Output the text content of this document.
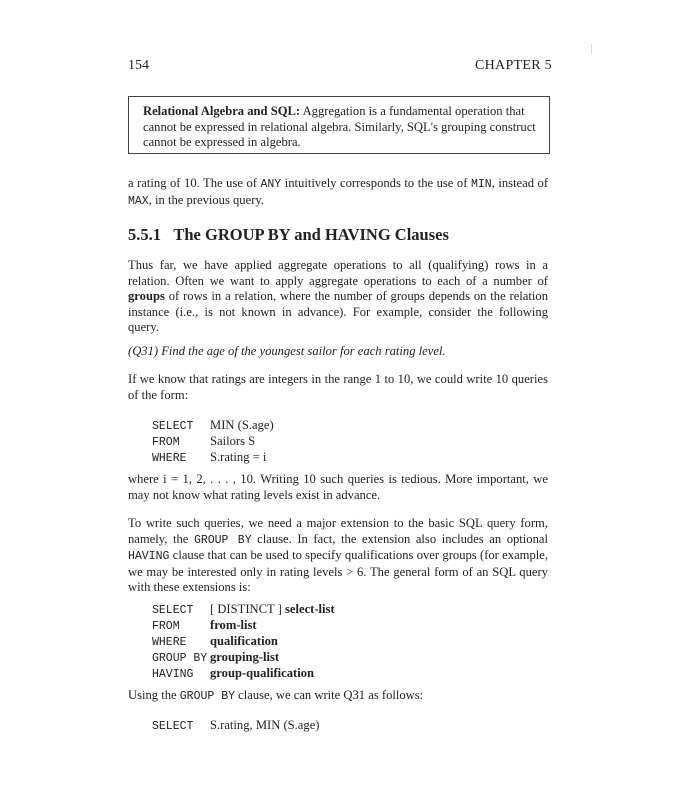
154	CHAPTER 5
Relational Algebra and SQL: Aggregation is a fundamental operation that cannot be expressed in relational algebra. Similarly, SQL's grouping construct cannot be expressed in algebra.
a rating of 10. The use of ANY intuitively corresponds to the use of MIN, instead of MAX, in the previous query.
5.5.1 The GROUP BY and HAVING Clauses
Thus far, we have applied aggregate operations to all (qualifying) rows in a relation. Often we want to apply aggregate operations to each of a number of groups of rows in a relation, where the number of groups depends on the relation instance (i.e., is not known in advance). For example, consider the following query.
(Q31) Find the age of the youngest sailor for each rating level.
If we know that ratings are integers in the range 1 to 10, we could write 10 queries of the form:
SELECT MIN (S.age)
FROM Sailors S
WHERE S.rating = i
where i = 1, 2, . . . , 10. Writing 10 such queries is tedious. More important, we may not know what rating levels exist in advance.
To write such queries, we need a major extension to the basic SQL query form, namely, the GROUP BY clause. In fact, the extension also includes an optional HAVING clause that can be used to specify qualifications over groups (for example, we may be interested only in rating levels > 6. The general form of an SQL query with these extensions is:
SELECT [ DISTINCT ] select-list
FROM from-list
WHERE qualification
GROUP BY grouping-list
HAVING group-qualification
Using the GROUP BY clause, we can write Q31 as follows:
SELECT S.rating, MIN (S.age)
